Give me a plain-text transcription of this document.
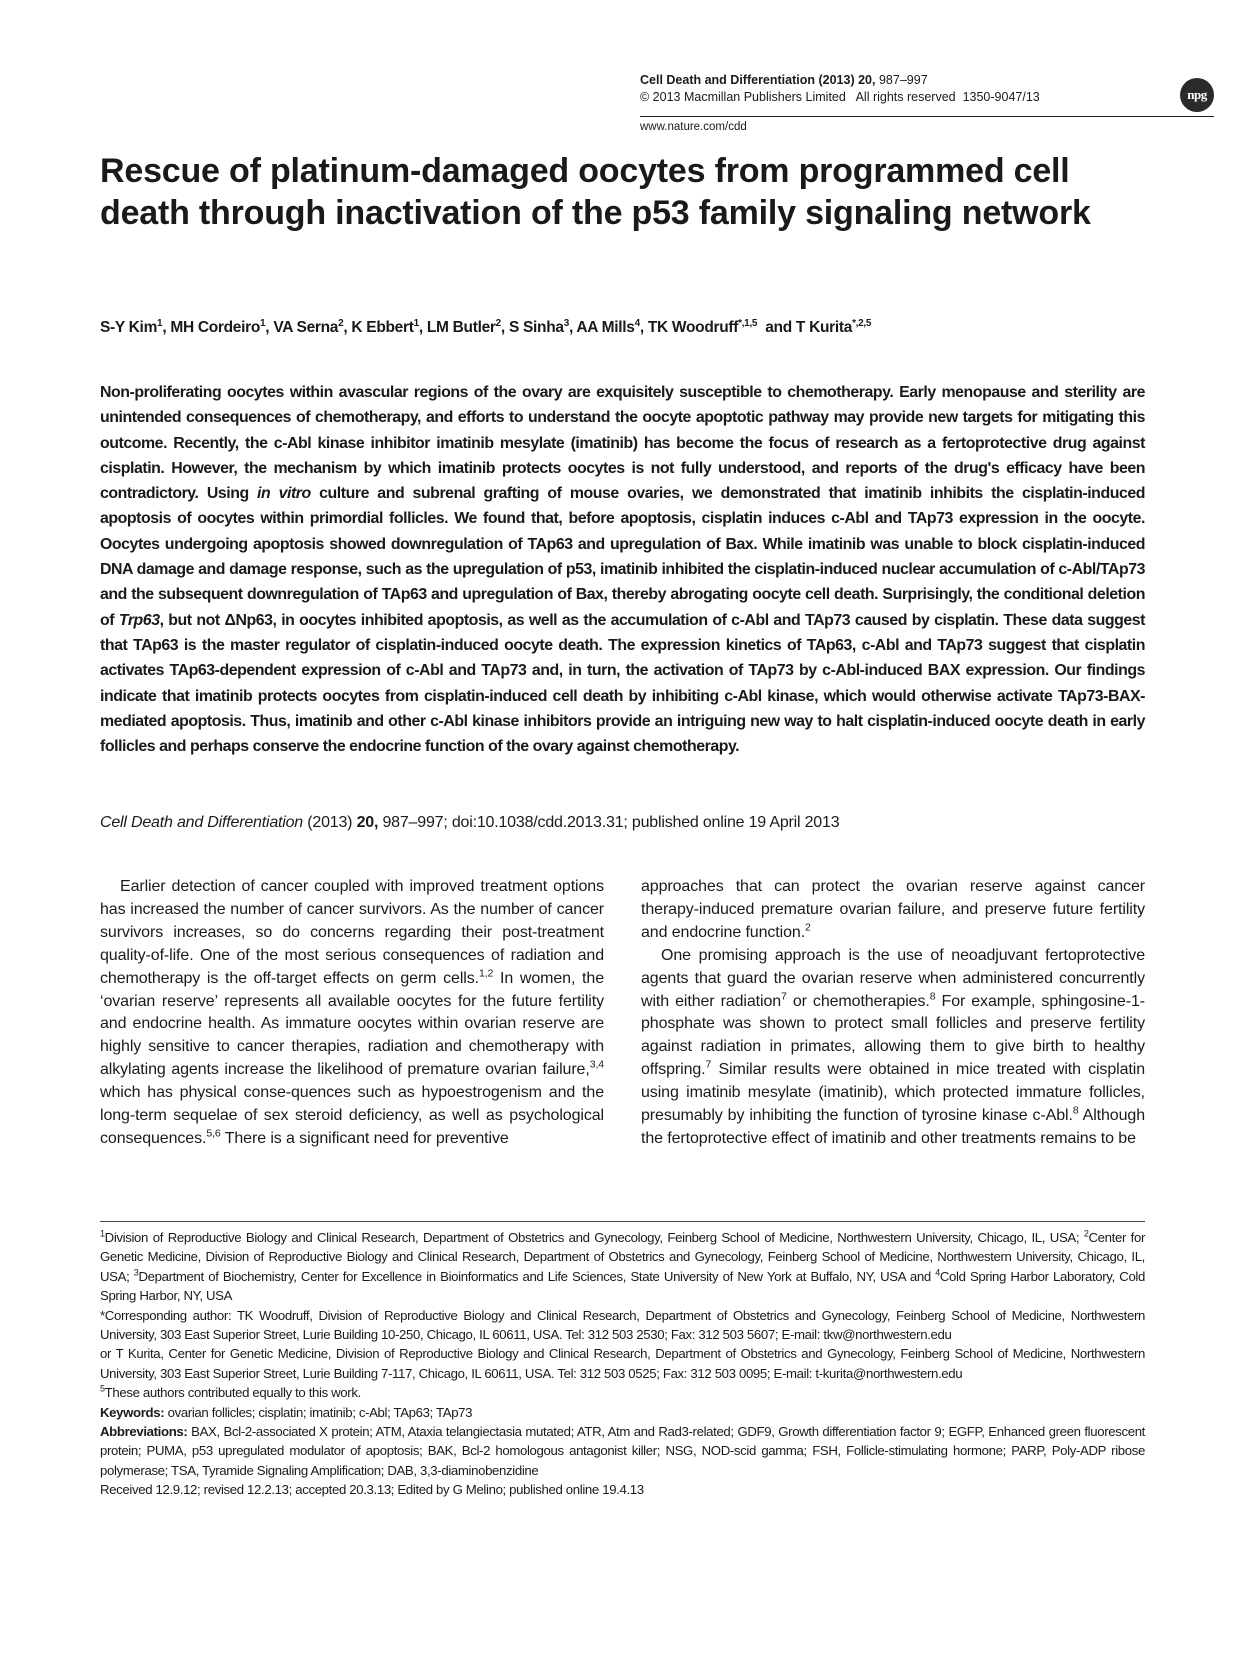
Cell Death and Differentiation (2013) 20, 987–997
© 2013 Macmillan Publishers Limited All rights reserved 1350-9047/13	npg
www.nature.com/cdd
Rescue of platinum-damaged oocytes from programmed cell death through inactivation of the p53 family signaling network
S-Y Kim$^1$, MH Cordeiro$^1$, VA Serna$^2$, K Ebbert$^1$, LM Butler$^2$, S Sinha$^3$, AA Mills$^4$, TK Woodruff$^{*,1,5}$ and T Kurita$^{*,2,5}$
Non-proliferating oocytes within avascular regions of the ovary are exquisitely susceptible to chemotherapy. Early menopause and sterility are unintended consequences of chemotherapy, and efforts to understand the oocyte apoptotic pathway may provide new targets for mitigating this outcome. Recently, the c-Abl kinase inhibitor imatinib mesylate (imatinib) has become the focus of research as a fertoprotective drug against cisplatin. However, the mechanism by which imatinib protects oocytes is not fully understood, and reports of the drug's efficacy have been contradictory. Using in vitro culture and subrenal grafting of mouse ovaries, we demonstrated that imatinib inhibits the cisplatin-induced apoptosis of oocytes within primordial follicles. We found that, before apoptosis, cisplatin induces c-Abl and TAp73 expression in the oocyte. Oocytes undergoing apoptosis showed downregulation of TAp63 and upregulation of Bax. While imatinib was unable to block cisplatin-induced DNA damage and damage response, such as the upregulation of p53, imatinib inhibited the cisplatin-induced nuclear accumulation of c-Abl/TAp73 and the subsequent downregulation of TAp63 and upregulation of Bax, thereby abrogating oocyte cell death. Surprisingly, the conditional deletion of Trp63, but not ΔNp63, in oocytes inhibited apoptosis, as well as the accumulation of c-Abl and TAp73 caused by cisplatin. These data suggest that TAp63 is the master regulator of cisplatin-induced oocyte death. The expression kinetics of TAp63, c-Abl and TAp73 suggest that cisplatin activates TAp63-dependent expression of c-Abl and TAp73 and, in turn, the activation of TAp73 by c-Abl-induced BAX expression. Our findings indicate that imatinib protects oocytes from cisplatin-induced cell death by inhibiting c-Abl kinase, which would otherwise activate TAp73-BAX-mediated apoptosis. Thus, imatinib and other c-Abl kinase inhibitors provide an intriguing new way to halt cisplatin-induced oocyte death in early follicles and perhaps conserve the endocrine function of the ovary against chemotherapy.
Cell Death and Differentiation (2013) 20, 987–997; doi:10.1038/cdd.2013.31; published online 19 April 2013

Earlier detection of cancer coupled with improved treatment options has increased the number of cancer survivors. As the number of cancer survivors increases, so do concerns regarding their post-treatment quality-of-life. One of the most serious consequences of radiation and chemotherapy is the off-target effects on germ cells.$^{1,2}$ In women, the ‘ovarian reserve’ represents all available oocytes for the future fertility and endocrine health. As immature oocytes within ovarian reserve are highly sensitive to cancer therapies, radiation and chemotherapy with alkylating agents increase the likelihood of premature ovarian failure,$^{3,4}$ which has physical conse-quences such as hypoestrogenism and the long-term sequelae of sex steroid deficiency, as well as psychological consequences.$^{5,6}$ There is a significant need for preventive

approaches that can protect the ovarian reserve against cancer therapy-induced premature ovarian failure, and preserve future fertility and endocrine function.$^2$

One promising approach is the use of neoadjuvant fertoprotective agents that guard the ovarian reserve when administered concurrently with either radiation$^7$ or chemotherapies.$^8$ For example, sphingosine-1-phosphate was shown to protect small follicles and preserve fertility against radiation in primates, allowing them to give birth to healthy offspring.$^7$ Similar results were obtained in mice treated with cisplatin using imatinib mesylate (imatinib), which protected immature follicles, presumably by inhibiting the function of tyrosine kinase c-Abl.$^8$ Although the fertoprotective effect of imatinib and other treatments remains to be

$^1$Division of Reproductive Biology and Clinical Research, Department of Obstetrics and Gynecology, Feinberg School of Medicine, Northwestern University, Chicago, IL, USA; $^2$Center for Genetic Medicine, Division of Reproductive Biology and Clinical Research, Department of Obstetrics and Gynecology, Feinberg School of Medicine, Northwestern University, Chicago, IL, USA; $^3$Department of Biochemistry, Center for Excellence in Bioinformatics and Life Sciences, State University of New York at Buffalo, NY, USA and $^4$Cold Spring Harbor Laboratory, Cold Spring Harbor, NY, USA

*Corresponding author: TK Woodruff, Division of Reproductive Biology and Clinical Research, Department of Obstetrics and Gynecology, Feinberg School of Medicine, Northwestern University, 303 East Superior Street, Lurie Building 10-250, Chicago, IL 60611, USA. Tel: 312 503 2530; Fax: 312 503 5607; E-mail: tkw@northwestern.edu

or T Kurita, Center for Genetic Medicine, Division of Reproductive Biology and Clinical Research, Department of Obstetrics and Gynecology, Feinberg School of Medicine, Northwestern University, 303 East Superior Street, Lurie Building 7-117, Chicago, IL 60611, USA. Tel: 312 503 0525; Fax: 312 503 0095; E-mail: t-kurita@northwestern.edu

$^5$These authors contributed equally to this work.

Keywords: ovarian follicles; cisplatin; imatinib; c-Abl; TAp63; TAp73

Abbreviations: BAX, Bcl-2-associated X protein; ATM, Ataxia telangiectasia mutated; ATR, Atm and Rad3-related; GDF9, Growth differentiation factor 9; EGFP, Enhanced green fluorescent protein; PUMA, p53 upregulated modulator of apoptosis; BAK, Bcl-2 homologous antagonist killer; NSG, NOD-scid gamma; FSH, Follicle-stimulating hormone; PARP, Poly-ADP ribose polymerase; TSA, Tyramide Signaling Amplification; DAB, 3,3-diaminobenzidine

Received 12.9.12; revised 12.2.13; accepted 20.3.13; Edited by G Melino; published online 19.4.13
